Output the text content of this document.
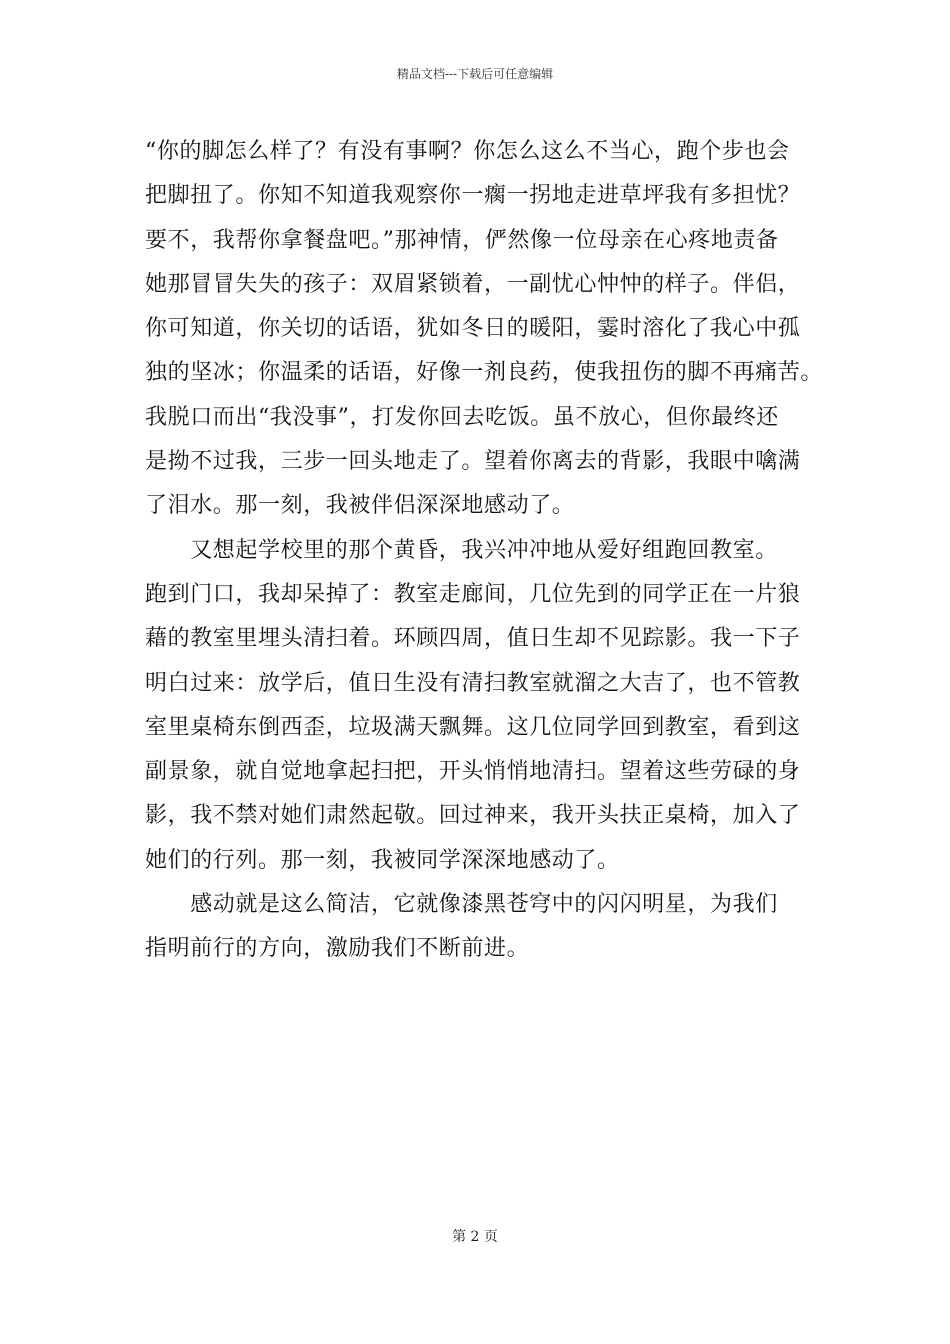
精品文档---下载后可任意编辑
“你的脚怎么样了？有没有事啊？你怎么这么不当心，跑个步也会
把脚扭了。你知不知道我观察你一瘸一拐地走进草坪我有多担忧？
要不，我帮你拿餐盘吧。”那神情，俨然像一位母亲在心疼地责备
她那冒冒失失的孩子：双眉紧锁着，一副忧心忡忡的样子。伴侣，
你可知道，你关切的话语，犹如冬日的暖阳，霎时溶化了我心中孤
独的坚冰；你温柔的话语，好像一剂良药，使我扭伤的脚不再痛苦。
我脱口而出“我没事”，打发你回去吃饭。虽不放心，但你最终还
是拗不过我，三步一回头地走了。望着你离去的背影，我眼中噙满
了泪水。那一刻，我被伴侣深深地感动了。
　　又想起学校里的那个黄昏，我兴冲冲地从爱好组跑回教室。
跑到门口，我却呆掉了：教室走廊间，几位先到的同学正在一片狼
藉的教室里埋头清扫着。环顾四周，值日生却不见踪影。我一下子
明白过来：放学后，值日生没有清扫教室就溜之大吉了，也不管教
室里桌椅东倒西歪，垃圾满天飘舞。这几位同学回到教室，看到这
副景象，就自觉地拿起扫把，开头悄悄地清扫。望着这些劳碌的身
影，我不禁对她们肃然起敬。回过神来，我开头扶正桌椅，加入了
她们的行列。那一刻，我被同学深深地感动了。
　　感动就是这么简洁，它就像漆黑苍穹中的闪闪明星，为我们
指明前行的方向，激励我们不断前进。
第 2 页
